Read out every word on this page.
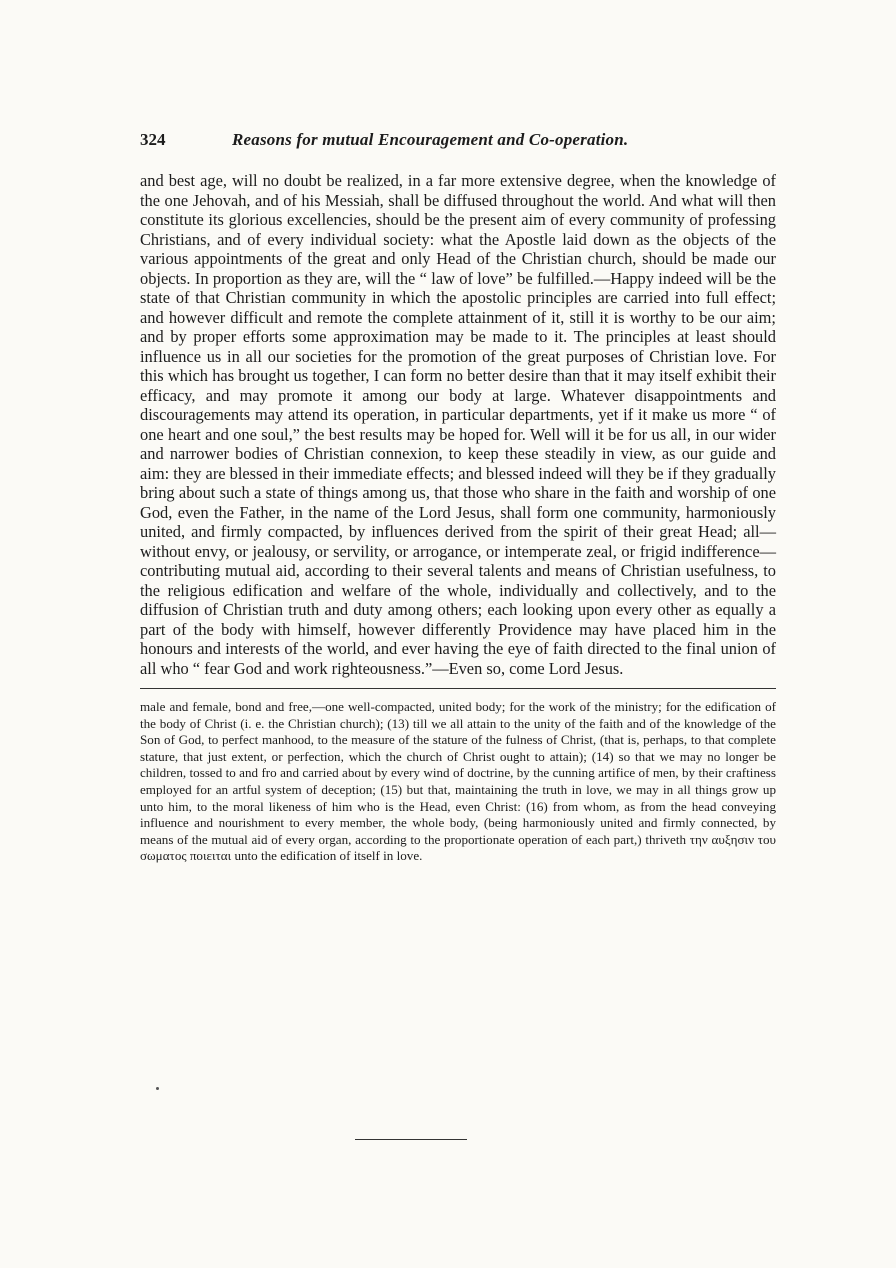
324	Reasons for mutual Encouragement and Co-operation.

and best age, will no doubt be realized, in a far more extensive degree, when the knowledge of the one Jehovah, and of his Messiah, shall be diffused throughout the world. And what will then constitute its glorious excellencies, should be the present aim of every community of professing Christians, and of every individual society: what the Apostle laid down as the objects of the various appointments of the great and only Head of the Christian church, should be made our objects. In proportion as they are, will the “ law of love” be fulfilled.—Happy indeed will be the state of that Christian community in which the apostolic principles are carried into full effect; and however difficult and remote the complete attainment of it, still it is worthy to be our aim; and by proper efforts some approximation may be made to it. The principles at least should influence us in all our societies for the promotion of the great purposes of Christian love. For this which has brought us together, I can form no better desire than that it may itself exhibit their efficacy, and may promote it among our body at large. Whatever disappointments and discouragements may attend its operation, in particular departments, yet if it make us more “ of one heart and one soul,” the best results may be hoped for. Well will it be for us all, in our wider and narrower bodies of Christian connexion, to keep these steadily in view, as our guide and aim: they are blessed in their immediate effects; and blessed indeed will they be if they gradually bring about such a state of things among us, that those who share in the faith and worship of one God, even the Father, in the name of the Lord Jesus, shall form one community, harmoniously united, and firmly compacted, by influences derived from the spirit of their great Head; all—without envy, or jealousy, or servility, or arrogance, or intemperate zeal, or frigid indifference—contributing mutual aid, according to their several talents and means of Christian usefulness, to the religious edification and welfare of the whole, individually and collectively, and to the diffusion of Christian truth and duty among others; each looking upon every other as equally a part of the body with himself, however differently Providence may have placed him in the honours and interests of the world, and ever having the eye of faith directed to the final union of all who “ fear God and work righteousness.”—Even so, come Lord Jesus.

male and female, bond and free,—one well-compacted, united body; for the work of the ministry; for the edification of the body of Christ (i. e. the Christian church); (13) till we all attain to the unity of the faith and of the knowledge of the Son of God, to perfect manhood, to the measure of the stature of the fulness of Christ, (that is, perhaps, to that complete stature, that just extent, or perfection, which the church of Christ ought to attain); (14) so that we may no longer be children, tossed to and fro and carried about by every wind of doctrine, by the cunning artifice of men, by their craftiness employed for an artful system of deception; (15) but that, maintaining the truth in love, we may in all things grow up unto him, to the moral likeness of him who is the Head, even Christ: (16) from whom, as from the head conveying influence and nourishment to every member, the whole body, (being harmoniously united and firmly connected, by means of the mutual aid of every organ, according to the proportionate operation of each part,) thriveth την αυξησιν του σωματος ποιειται unto the edification of itself in love.
